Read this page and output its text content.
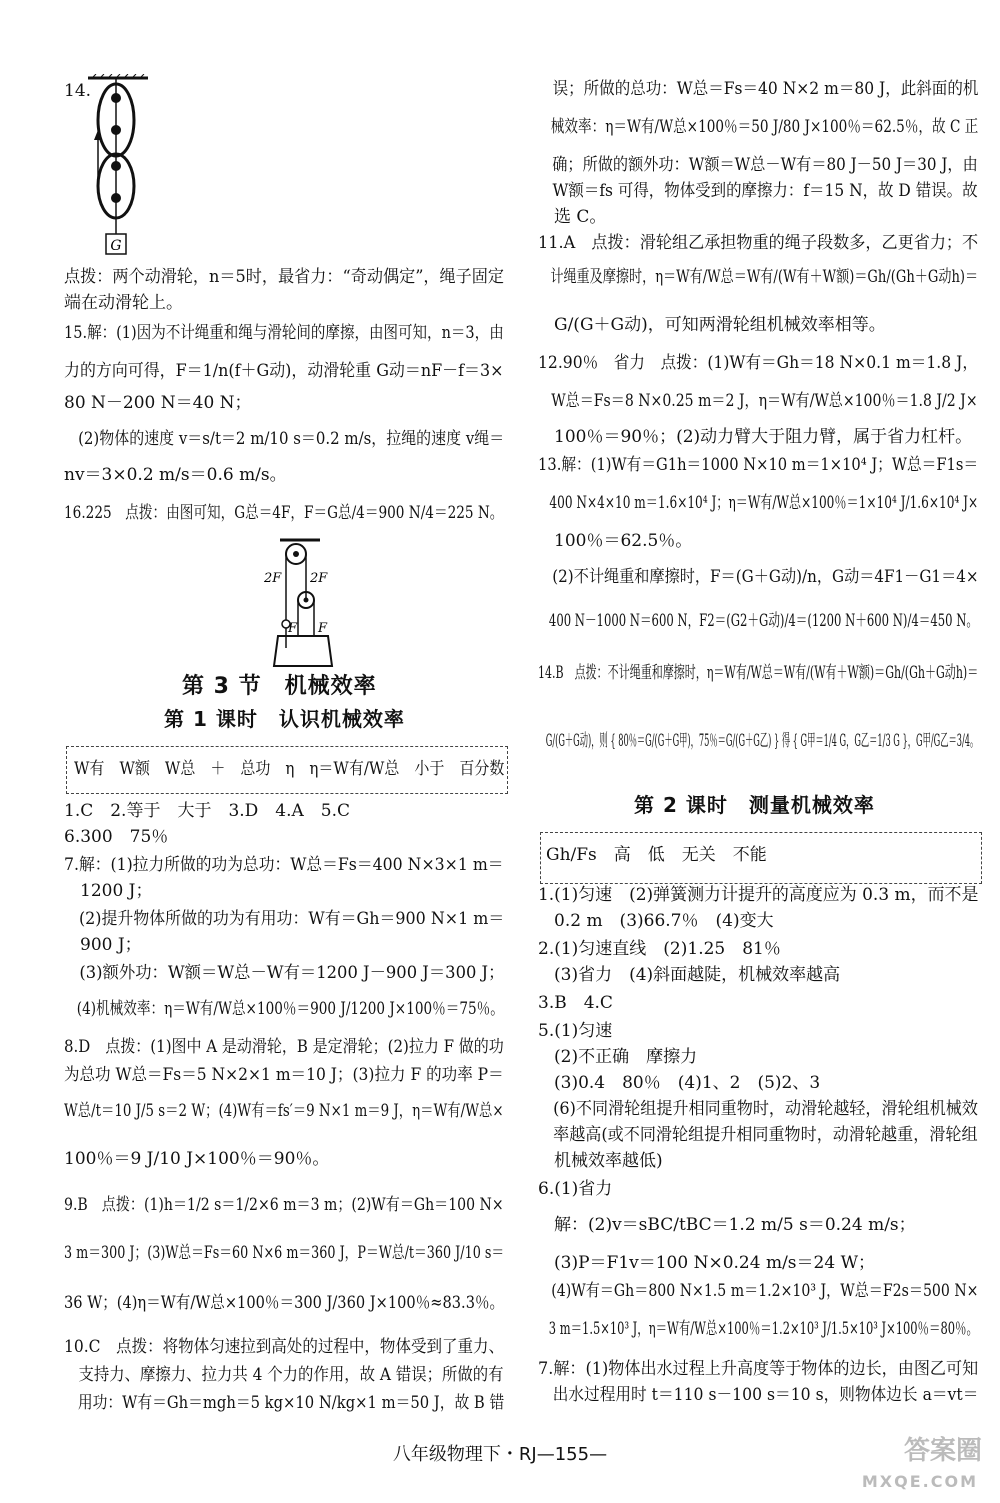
14.
点拨：两个动滑轮，n＝5时，最省力：“奇动偶定”，绳子固定
端在动滑轮上。
15.解：(1)因为不计绳重和绳与滑轮间的摩擦，由图可知，n＝3，由
力的方向可得，F＝1/n(f＋G动)，动滑轮重 G动＝nF－f＝3×
80 N－200 N＝40 N；
(2)物体的速度 v＝s/t＝2 m/10 s＝0.2 m/s，拉绳的速度 v绳＝
nv＝3×0.2 m/s＝0.6 m/s。
16.225　点拨：由图可知，G总＝4F，F＝G总/4＝900 N/4＝225 N。
第 3 节　机械效率
第 1 课时　认识机械效率
W有　W额　W总　＋　总功　η　η＝W有/W总　小于　百分数
1.C　2.等于　大于　3.D　4.A　5.C
6.300　75％
7.解：(1)拉力所做的功为总功：W总＝Fs＝400 N×3×1 m＝
1200 J；
(2)提升物体所做的功为有用功：W有＝Gh＝900 N×1 m＝
900 J；
(3)额外功：W额＝W总－W有＝1200 J－900 J＝300 J；
(4)机械效率：η＝W有/W总×100％＝900 J/1200 J×100％＝75％。
8.D　点拨：(1)图中 A 是动滑轮，B 是定滑轮；(2)拉力 F 做的功
为总功 W总＝Fs＝5 N×2×1 m＝10 J；(3)拉力 F 的功率 P＝
W总/t＝10 J/5 s＝2 W；(4)W有＝fs′＝9 N×1 m＝9 J，η＝W有/W总×
100％＝9 J/10 J×100％＝90％。
9.B　点拨：(1)h＝1/2 s＝1/2×6 m＝3 m；(2)W有＝Gh＝100 N×
3 m＝300 J；(3)W总＝Fs＝60 N×6 m＝360 J，P＝W总/t＝360 J/10 s＝
36 W；(4)η＝W有/W总×100％＝300 J/360 J×100％≈83.3％。
10.C　点拨：将物体匀速拉到高处的过程中，物体受到了重力、
支持力、摩擦力、拉力共 4 个力的作用，故 A 错误；所做的有
用功：W有＝Gh＝mgh＝5 kg×10 N/kg×1 m＝50 J，故 B 错
误；所做的总功：W总＝Fs＝40 N×2 m＝80 J，此斜面的机
械效率：η＝W有/W总×100％＝50 J/80 J×100％＝62.5％，故 C 正
确；所做的额外功：W额＝W总－W有＝80 J－50 J＝30 J，由
W额＝fs 可得，物体受到的摩擦力：f＝15 N，故 D 错误。故
选 C。
11.A　点拨：滑轮组乙承担物重的绳子段数多，乙更省力；不
计绳重及摩擦时，η＝W有/W总＝W有/(W有＋W额)＝Gh/(Gh＋G动h)＝
G/(G＋G动)，可知两滑轮组机械效率相等。
12.90％　省力　点拨：(1)W有＝Gh＝18 N×0.1 m＝1.8 J，
W总＝Fs＝8 N×0.25 m＝2 J，η＝W有/W总×100％＝1.8 J/2 J×
100％＝90％；(2)动力臂大于阻力臂，属于省力杠杆。
13.解：(1)W有＝G1h＝1000 N×10 m＝1×10⁴ J；W总＝F1s＝
400 N×4×10 m＝1.6×10⁴ J；η＝W有/W总×100％＝1×10⁴ J/1.6×10⁴ J×
100％＝62.5％。
(2)不计绳重和摩擦时，F＝(G＋G动)/n，G动＝4F1－G1＝4×
400 N－1000 N＝600 N，F2＝(G2＋G动)/4＝(1200 N＋600 N)/4＝450 N。
14.B　点拨：不计绳重和摩擦时，η＝W有/W总＝W有/(W有＋W额)＝Gh/(Gh＋G动h)＝
G/(G＋G动)，则 { 80％＝G/(G＋G甲)，75％＝G/(G＋G乙) } 得 { G甲＝1/4 G，G乙＝1/3 G }，G甲/G乙＝3/4。
第 2 课时　测量机械效率
Gh/Fs　高　低　无关　不能
1.(1)匀速　(2)弹簧测力计提升的高度应为 0.3 m，而不是
0.2 m　(3)66.7％　(4)变大
2.(1)匀速直线　(2)1.25　81％
(3)省力　(4)斜面越陡，机械效率越高
3.B　4.C
5.(1)匀速
(2)不正确　摩擦力
(3)0.4　80％　(4)1、2　(5)2、3
(6)不同滑轮组提升相同重物时，动滑轮越轻，滑轮组机械效
率越高(或不同滑轮组提升相同重物时，动滑轮越重，滑轮组
机械效率越低)
6.(1)省力
解：(2)v＝sBC/tBC＝1.2 m/5 s＝0.24 m/s；
(3)P＝F1v＝100 N×0.24 m/s＝24 W；
(4)W有＝Gh＝800 N×1.5 m＝1.2×10³ J，W总＝F2s＝500 N×
3 m＝1.5×10³ J，η＝W有/W总×100％＝1.2×10³ J/1.5×10³ J×100％＝80％。
7.解：(1)物体出水过程上升高度等于物体的边长，由图乙可知
出水过程用时 t＝110 s－100 s＝10 s，则物体边长 a＝vt＝
G
2F 2F
F F
八年级物理下・RJ—155—	答案圈
MXQE.COM
